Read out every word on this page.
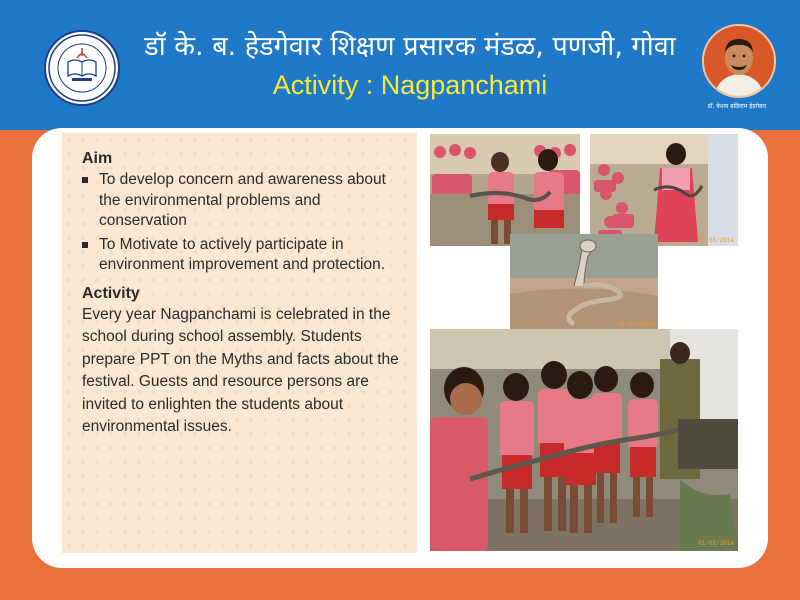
डॉ के. ब. हेडगेवार शिक्षण प्रसारक मंडळ, पणजी, गोवा
Activity : Nagpanchami
डॉ. केशव बळिराम हेडगेवार
Aim
To develop concern and awareness about the environmental problems and conservation
To Motivate to actively participate in environment improvement and protection.
Activity

Every year Nagpanchami is celebrated in the school during school assembly. Students prepare PPT on the Myths and facts about the festival. Guests and resource persons are invited to enlighten the students about environmental issues.

01/08/2014
01/08/2014
01/08/2014
